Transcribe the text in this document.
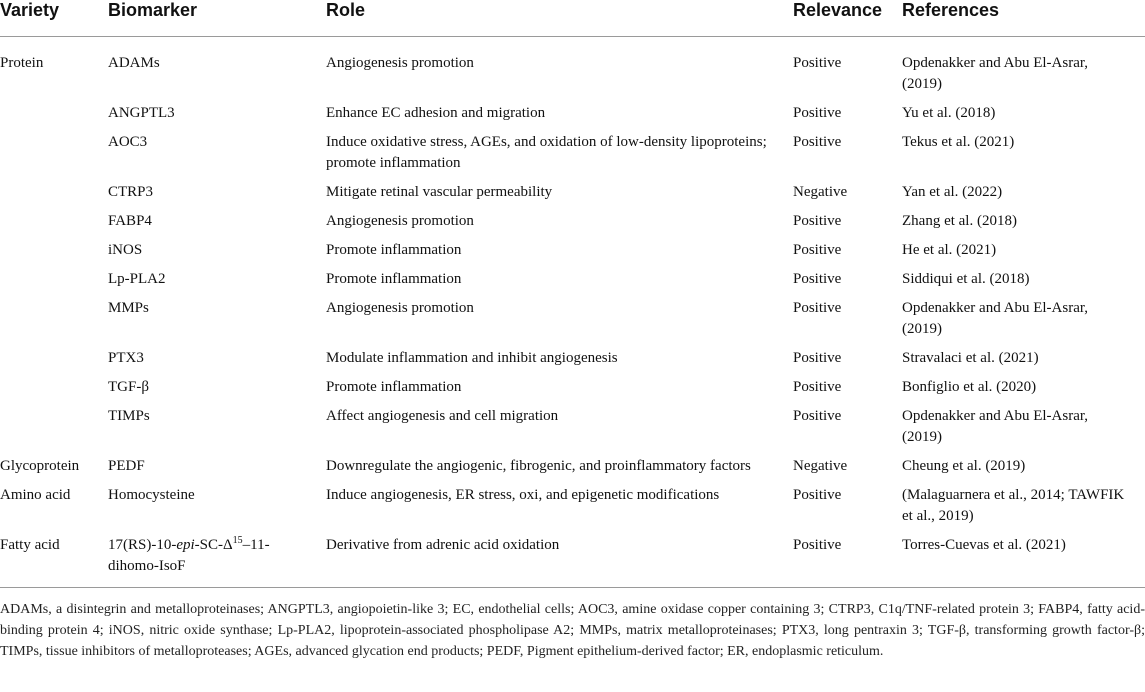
Variety	Biomarker	Role	Relevance	References

Protein	ADAMs	Angiogenesis promotion	Positive	Opdenakker and Abu El-Asrar, (2019)

	ANGPTL3	Enhance EC adhesion and migration	Positive	Yu et al. (2018)

	AOC3	Induce oxidative stress, AGEs, and oxidation of low-density lipoproteins; promote inflammation	Positive	Tekus et al. (2021)

	CTRP3	Mitigate retinal vascular permeability	Negative	Yan et al. (2022)

	FABP4	Angiogenesis promotion	Positive	Zhang et al. (2018)

	iNOS	Promote inflammation	Positive	He et al. (2021)

	Lp-PLA2	Promote inflammation	Positive	Siddiqui et al. (2018)

	MMPs	Angiogenesis promotion	Positive	Opdenakker and Abu El-Asrar, (2019)

	PTX3	Modulate inflammation and inhibit angiogenesis	Positive	Stravalaci et al. (2021)

	TGF-β	Promote inflammation	Positive	Bonfiglio et al. (2020)

	TIMPs	Affect angiogenesis and cell migration	Positive	Opdenakker and Abu El-Asrar, (2019)

Glycoprotein	PEDF	Downregulate the angiogenic, fibrogenic, and proinflammatory factors	Negative	Cheung et al. (2019)

Amino acid	Homocysteine	Induce angiogenesis, ER stress, oxi, and epigenetic modifications	Positive	(Malaguarnera et al., 2014; TAWFIK et al., 2019)

Fatty acid	$17(RS)-10-epi-SC-\Delta^{15}-11-dihomo$-IsoF	Derivative from adrenic acid oxidation	Positive	Torres-Cuevas et al. (2021)
ADAMs, a disintegrin and metalloproteinases; ANGPTL3, angiopoietin-like 3; EC, endothelial cells; AOC3, amine oxidase copper containing 3; CTRP3, C1q/TNF-related protein 3; FABP4, fatty acid-binding protein 4; iNOS, nitric oxide synthase; Lp-PLA2, lipoprotein-associated phospholipase A2; MMPs, matrix metalloproteinases; PTX3, long pentraxin 3; TGF-β, transforming growth factor-β; TIMPs, tissue inhibitors of metalloproteases; AGEs, advanced glycation end products; PEDF, Pigment epithelium-derived factor; ER, endoplasmic reticulum.
